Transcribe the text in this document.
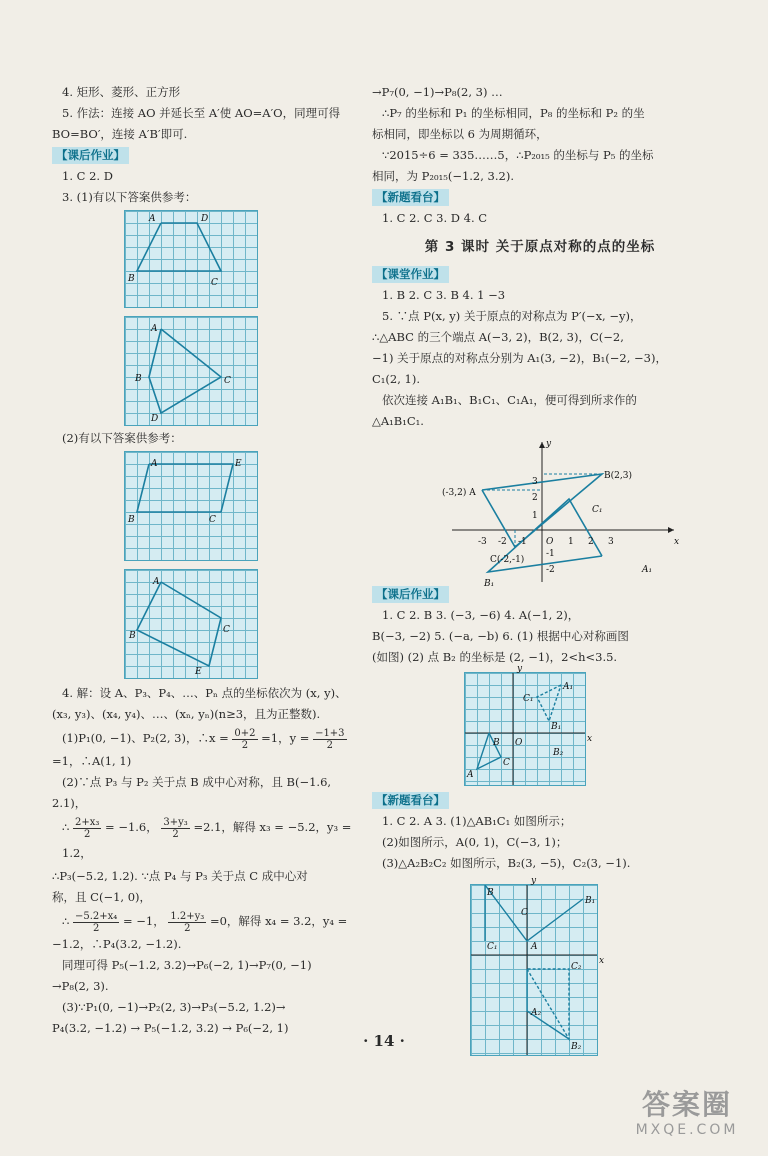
4. 矩形、菱形、正方形

5. 作法：连接 AO 并延长至 A′使 AO=A′O，同理可得

BO=BO′，连接 A′B′即可.

【课后作业】

1. C 2. D

3. (1)有以下答案供参考：

A	D
B	C
A
B	C
D

(2)有以下答案供参考：

A	E
B	C
A
B
C
E

4. 解：设 A、P₃、P₄、…、Pₙ 点的坐标依次为 (x, y)、

(x₃, y₃)、(x₄, y₄)、…、(xₙ, yₙ)(n≥3，且为正整数).

(1)P₁(0, −1)、P₂(2, 3)，∴x = $\frac{0+2}{2} =1$，$y = \frac{-1+3}{2}$

=1，∴A(1, 1)

(2)∵点 P₃ 与 P₂ 关于点 B 成中心对称，且 B(−1.6,

2.1)，

∴ $\frac{\text{2+x₃}}{2} = -1.6$， $\frac{\text{3+y₃}}{2} =2.1$，解得 x₃ = −5.2，y₃ = 1.2，

∴P₃(−5.2, 1.2). ∵点 P₄ 与 P₃ 关于点 C 成中心对

称，且 C(−1, 0)，

∴ $\frac{\text{−5.2+x₄}}{2} = -1$， $\frac{\text{1.2+y₃}}{2} =0$，解得 x₄ = 3.2，y₄ =

−1.2，∴P₄(3.2, −1.2).

同理可得 P₅(−1.2, 3.2)→P₆(−2, 1)→P₇(0, −1)

→P₈(2, 3).

(3)∵P₁(0, −1)→P₂(2, 3)→P₃(−5.2, 1.2)→

P₄(3.2, −1.2) → P₅(−1.2, 3.2) → P₆(−2, 1)

→P₇(0, −1)→P₈(2, 3) …

∴P₇ 的坐标和 P₁ 的坐标相同，P₈ 的坐标和 P₂ 的坐

标相同，即坐标以 6 为周期循环，

∵2015÷6 = 335……5，∴P₂₀₁₅ 的坐标与 P₅ 的坐标

相同，为 P₂₀₁₅(−1.2, 3.2).

【新题看台】

1. C 2. C 3. D 4. C

第 3 课时 关于原点对称的点的坐标
【课堂作业】

1. B 2. C 3. B 4. 1 −3

5. ∵点 P(x, y) 关于原点的对称点为 P′(−x, −y)，

∴△ABC 的三个端点 A(−3, 2)，B(2, 3)，C(−2,

−1) 关于原点的对称点分别为 A₁(3, −2)，B₁(−2, −3)，

C₁(2, 1).

依次连接 A₁B₁、B₁C₁、C₁A₁，便可得到所求作的

△A₁B₁C₁.

y
x
(-3,2) A
B(2,3)
C(-2,-1)
C₁
A₁
B₁
3
2
1
-1
-2
-3 -2 -1 O 1 2 3
【课后作业】

1. C 2. B 3. (−3, −6) 4. A(−1, 2)，

B(−3, −2) 5. (−a, −b) 6. (1) 根据中心对称画图

(如图) (2) 点 B₂ 的坐标是 (2, −1)，2<h<3.5.

y
x
A₁
C₁
B₁
B₂
O
B
A
C
【新题看台】

1. C 2. A 3. (1)△AB₁C₁ 如图所示；

(2)如图所示，A(0, 1)，C(−3, 1)；

(3)△A₂B₂C₂ 如图所示，B₂(3, −5)，C₂(3, −1).

y
x
B
B₁
C
A
C₁
C₂
A₂
B₂
· 14 ·
答案圈
MXQE.COM
